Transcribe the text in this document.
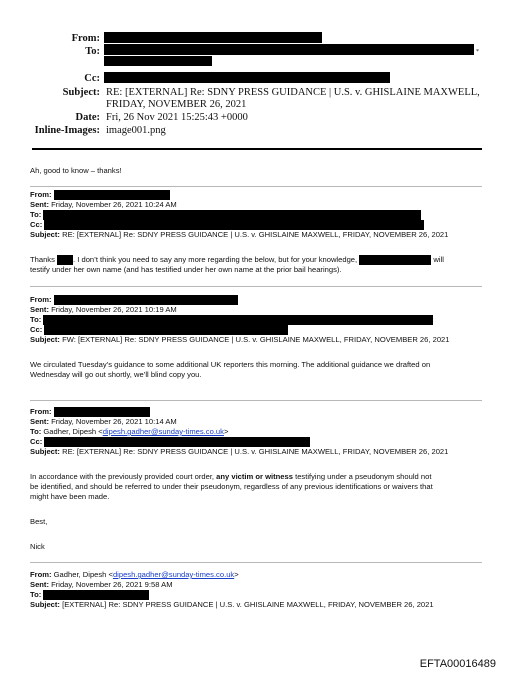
From:
To:	*
Cc:
Subject: RE: [EXTERNAL] Re: SDNY PRESS GUIDANCE | U.S. v. GHISLAINE MAXWELL,
FRIDAY, NOVEMBER 26, 2021
Date: Fri, 26 Nov 2021 15:25:43 +0000
Inline-Images: image001.png
Ah, good to know – thanks!
From:
Sent: Friday, November 26, 2021 10:24 AM
To:
Cc:
Subject: RE: [EXTERNAL] Re: SDNY PRESS GUIDANCE | U.S. v. GHISLAINE MAXWELL, FRIDAY, NOVEMBER 26, 2021
Thanks . I don’t think you need to say any more regarding the below, but for your knowledge,	will
testify under her own name (and has testified under her own name at the prior bail hearings).
From:
Sent: Friday, November 26, 2021 10:19 AM
To:
Cc:
Subject: FW: [EXTERNAL] Re: SDNY PRESS GUIDANCE | U.S. v. GHISLAINE MAXWELL, FRIDAY, NOVEMBER 26, 2021
We circulated Tuesday’s guidance to some additional UK reporters this morning. The additional guidance we drafted on
Wednesday will go out shortly, we’ll blind copy you.
From:
Sent: Friday, November 26, 2021 10:14 AM
To: Gadher, Dipesh <dipesh.gadher@sunday-times.co.uk>
Cc:
Subject: RE: [EXTERNAL] Re: SDNY PRESS GUIDANCE | U.S. v. GHISLAINE MAXWELL, FRIDAY, NOVEMBER 26, 2021
In accordance with the previously provided court order, any victim or witness testifying under a pseudonym should not
be identified, and should be referred to under their pseudonym, regardless of any previous identifications or waivers that
might have been made.
Best,
Nick
From: Gadher, Dipesh <dipesh.gadher@sunday-times.co.uk>
Sent: Friday, November 26, 2021 9:58 AM
To:
Subject: [EXTERNAL] Re: SDNY PRESS GUIDANCE | U.S. v. GHISLAINE MAXWELL, FRIDAY, NOVEMBER 26, 2021
EFTA00016489
